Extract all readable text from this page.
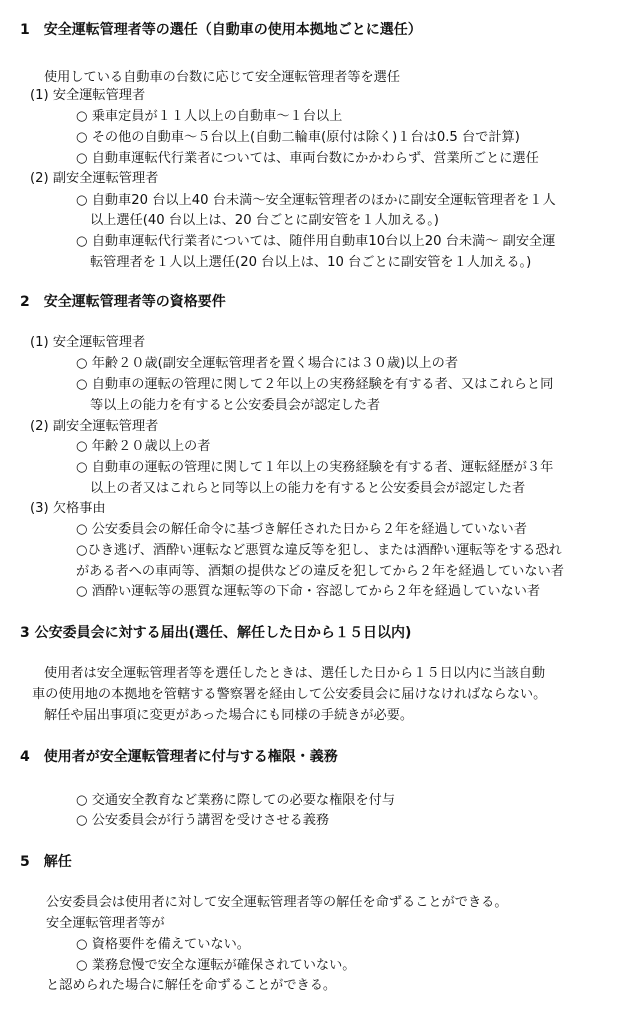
1　安全運転管理者等の選任（自動車の使用本拠地ごとに選任）
使用している自動車の台数に応じて安全運転管理者等を選任
(1) 安全運転管理者
○ 乗車定員が１１人以上の自動車～１台以上
○ その他の自動車～５台以上(自動二輪車(原付は除く)１台は0.5 台で計算)
○ 自動車運転代行業者については、車両台数にかかわらず、営業所ごとに選任
(2) 副安全運転管理者
○ 自動車20 台以上40 台未満～安全運転管理者のほかに副安全運転管理者を１人
以上選任(40 台以上は、20 台ごとに副安管を１人加える。)
○ 自動車運転代行業者については、随伴用自動車10台以上20 台未満～ 副安全運
転管理者を１人以上選任(20 台以上は、10 台ごとに副安管を１人加える。)
2　安全運転管理者等の資格要件
(1) 安全運転管理者
○ 年齢２０歳(副安全運転管理者を置く場合には３０歳)以上の者
○ 自動車の運転の管理に関して２年以上の実務経験を有する者、又はこれらと同
等以上の能力を有すると公安委員会が認定した者
(2) 副安全運転管理者
○ 年齢２０歳以上の者
○ 自動車の運転の管理に関して１年以上の実務経験を有する者、運転経歴が３年
以上の者又はこれらと同等以上の能力を有すると公安委員会が認定した者
(3) 欠格事由
○ 公安委員会の解任命令に基づき解任された日から２年を経過していない者
○ひき逃げ、酒酔い運転など悪質な違反等を犯し、または酒酔い運転等をする恐れ
がある者への車両等、酒類の提供などの違反を犯してから２年を経過していない者
○ 酒酔い運転等の悪質な運転等の下命・容認してから２年を経過していない者
3 公安委員会に対する届出(選任、解任した日から１５日以内)
使用者は安全運転管理者等を選任したときは、選任した日から１５日以内に当該自動
車の使用地の本拠地を管轄する警察署を経由して公安委員会に届けなければならない。
解任や届出事項に変更があった場合にも同様の手続きが必要。
4　使用者が安全運転管理者に付与する権限・義務
○ 交通安全教育など業務に際しての必要な権限を付与
○ 公安委員会が行う講習を受けさせる義務
5　解任
公安委員会は使用者に対して安全運転管理者等の解任を命ずることができる。
安全運転管理者等が
○ 資格要件を備えていない。
○ 業務怠慢で安全な運転が確保されていない。
と認められた場合に解任を命ずることができる。
